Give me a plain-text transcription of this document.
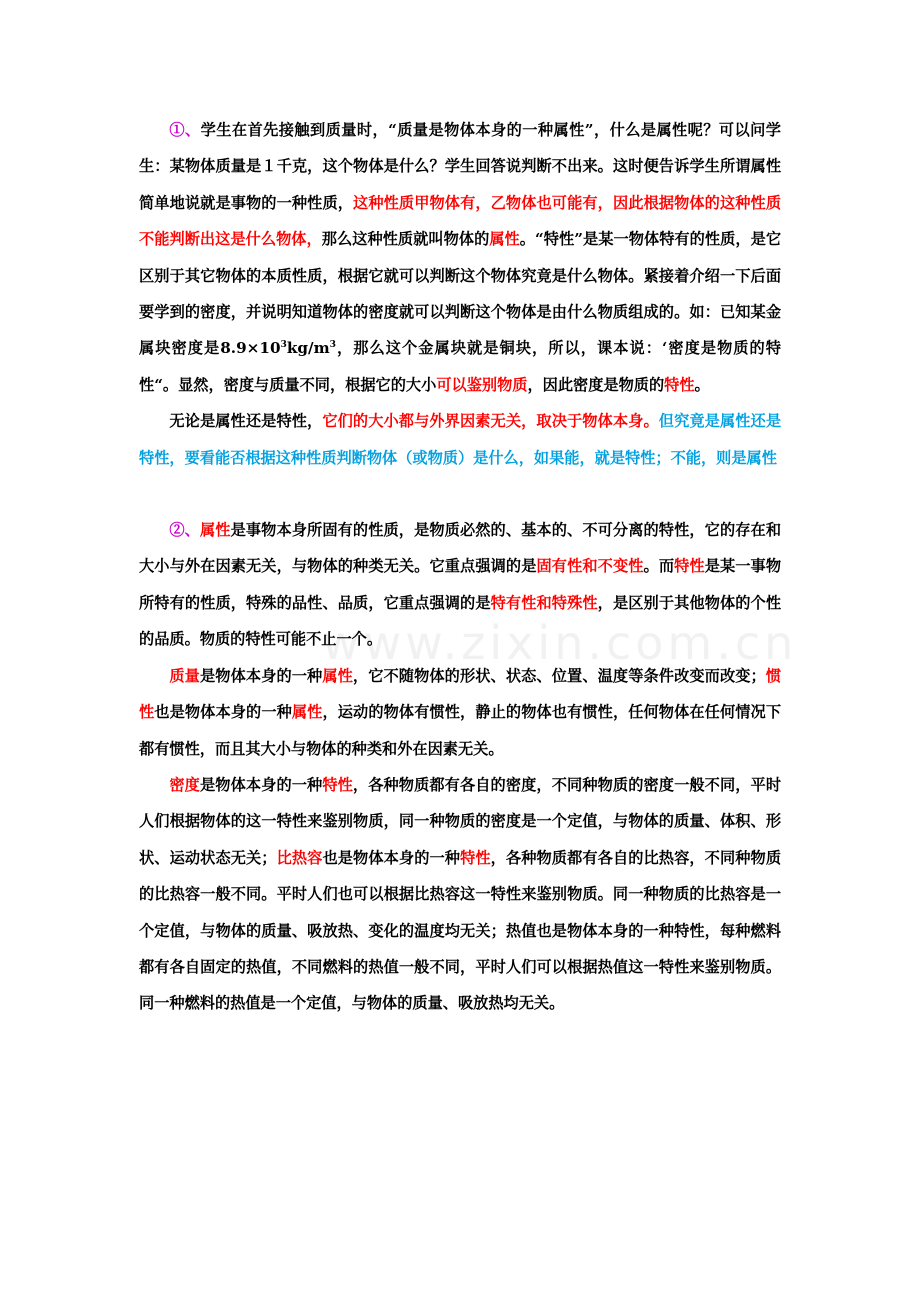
www.zixin.com.cn

①、学生在首先接触到质量时，“质量是物体本身的一种属性”，什么是属性呢？可以问学生：某物体质量是１千克，这个物体是什么？学生回答说判断不出来。这时便告诉学生所谓属性简单地说就是事物的一种性质，这种性质甲物体有，乙物体也可能有，因此根据物体的这种性质不能判断出这是什么物体，那么这种性质就叫物体的属性。“特性”是某一物体特有的性质，是它区别于其它物体的本质性质，根据它就可以判断这个物体究竟是什么物体。紧接着介绍一下后面要学到的密度，并说明知道物体的密度就可以判断这个物体是由什么物质组成的。如：已知某金属块密度是$8.9\times 10^3kg/m^3$，那么这个金属块就是铜块，所以，课本说：‘密度是物质的特性“。显然，密度与质量不同，根据它的大小可以鉴别物质，因此密度是物质的特性。

无论是属性还是特性，它们的大小都与外界因素无关，取决于物体本身。但究竟是属性还是特性，要看能否根据这种性质判断物体（或物质）是什么，如果能，就是特性；不能，则是属性

②、属性是事物本身所固有的性质，是物质必然的、基本的、不可分离的特性，它的存在和大小与外在因素无关，与物体的种类无关。它重点强调的是固有性和不变性。而特性是某一事物所特有的性质，特殊的品性、品质，它重点强调的是特有性和特殊性，是区别于其他物体的个性的品质。物质的特性可能不止一个。

质量是物体本身的一种属性，它不随物体的形状、状态、位置、温度等条件改变而改变；惯性也是物体本身的一种属性，运动的物体有惯性，静止的物体也有惯性，任何物体在任何情况下都有惯性，而且其大小与物体的种类和外在因素无关。

密度是物体本身的一种特性，各种物质都有各自的密度，不同种物质的密度一般不同，平时人们根据物体的这一特性来鉴别物质，同一种物质的密度是一个定值，与物体的质量、体积、形状、运动状态无关；比热容也是物体本身的一种特性，各种物质都有各自的比热容，不同种物质的比热容一般不同。平时人们也可以根据比热容这一特性来鉴别物质。同一种物质的比热容是一个定值，与物体的质量、吸放热、变化的温度均无关；热值也是物体本身的一种特性，每种燃料都有各自固定的热值，不同燃料的热值一般不同，平时人们可以根据热值这一特性来鉴别物质。同一种燃料的热值是一个定值，与物体的质量、吸放热均无关。
